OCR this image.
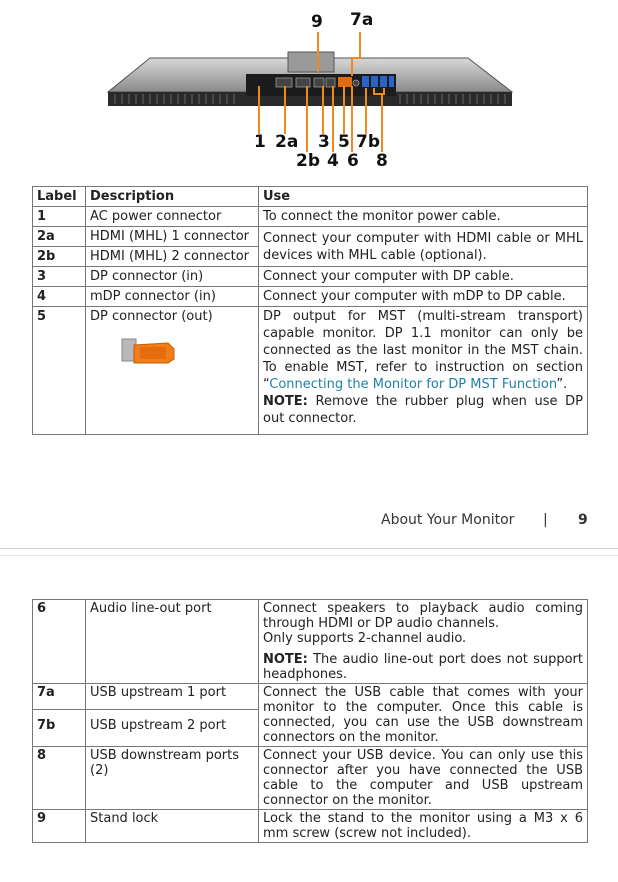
9 7a
1 2a 3 5 7b
2b 4 6 8
Label	Description	Use
1	AC power connector	To connect the monitor power cable.
2a	HDMI (MHL) 1 connector	Connect your computer with HDMI cable or MHL devices with MHL cable (optional).
2b	HDMI (MHL) 2 connector	
3	DP connector (in)	Connect your computer with DP cable.
4	mDP connector (in)	Connect your computer with mDP to DP cable.
5	DP connector (out)	DP output for MST (multi-stream transport) capable monitor. DP 1.1 monitor can only be connected as the last monitor in the MST chain. To enable MST, refer to instruction on section “Connecting the Monitor for DP MST Function”.
NOTE: Remove the rubber plug when use DP out connector.
About Your Monitor | 9
6	Audio line-out port	Connect speakers to playback audio coming through HDMI or DP audio channels.
Only supports 2-channel audio.
NOTE: The audio line-out port does not support headphones.

7a	USB upstream 1 port	Connect the USB cable that comes with your monitor to the computer. Once this cable is connected, you can use the USB downstream connectors on the monitor.
7b	USB upstream 2 port	
8	USB downstream ports (2)	Connect your USB device. You can only use this connector after you have connected the USB cable to the computer and USB upstream connector on the monitor.
9	Stand lock	Lock the stand to the monitor using a M3 x 6 mm screw (screw not included).
